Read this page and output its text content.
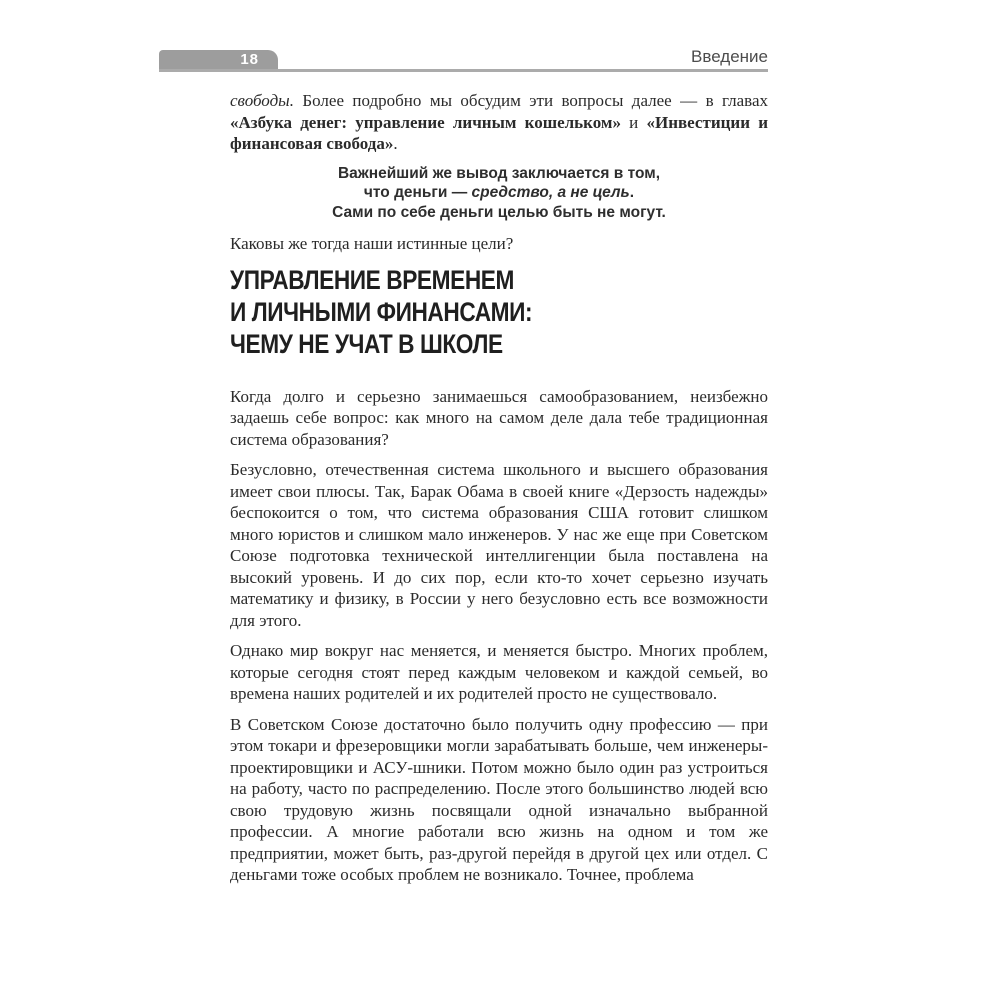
18	Введение

свободы. Более подробно мы обсудим эти вопросы далее — в главах «Азбука денег: управление личным кошельком» и «Инвестиции и финансовая свобода».

Важнейший же вывод заключается в том,
что деньги — средство, а не цель.
Сами по себе деньги целью быть не могут.

Каковы же тогда наши истинные цели?

УПРАВЛЕНИЕ ВРЕМЕНЕМ
И ЛИЧНЫМИ ФИНАНСАМИ:
ЧЕМУ НЕ УЧАТ В ШКОЛЕ

Когда долго и серьезно занимаешься самообразованием, неизбежно задаешь себе вопрос: как много на самом деле дала тебе традиционная система образования?

Безусловно, отечественная система школьного и высшего образования имеет свои плюсы. Так, Барак Обама в своей книге «Дерзость надежды» беспокоится о том, что система образования США готовит слишком много юристов и слишком мало инженеров. У нас же еще при Советском Союзе подготовка технической интеллигенции была поставлена на высокий уровень. И до сих пор, если кто-то хочет серьезно изучать математику и физику, в России у него безусловно есть все возможности для этого.

Однако мир вокруг нас меняется, и меняется быстро. Многих проблем, которые сегодня стоят перед каждым человеком и каждой семьей, во времена наших родителей и их родителей просто не существовало.

В Советском Союзе достаточно было получить одну профессию — при этом токари и фрезеровщики могли зарабатывать больше, чем инженеры-проектировщики и АСУ-шники. Потом можно было один раз устроиться на работу, часто по распределению. После этого большинство людей всю свою трудовую жизнь посвящали одной изначально выбранной профессии. А многие работали всю жизнь на одном и том же предприятии, может быть, раз-другой перейдя в другой цех или отдел. С деньгами тоже особых проблем не возникало. Точнее, проблема
